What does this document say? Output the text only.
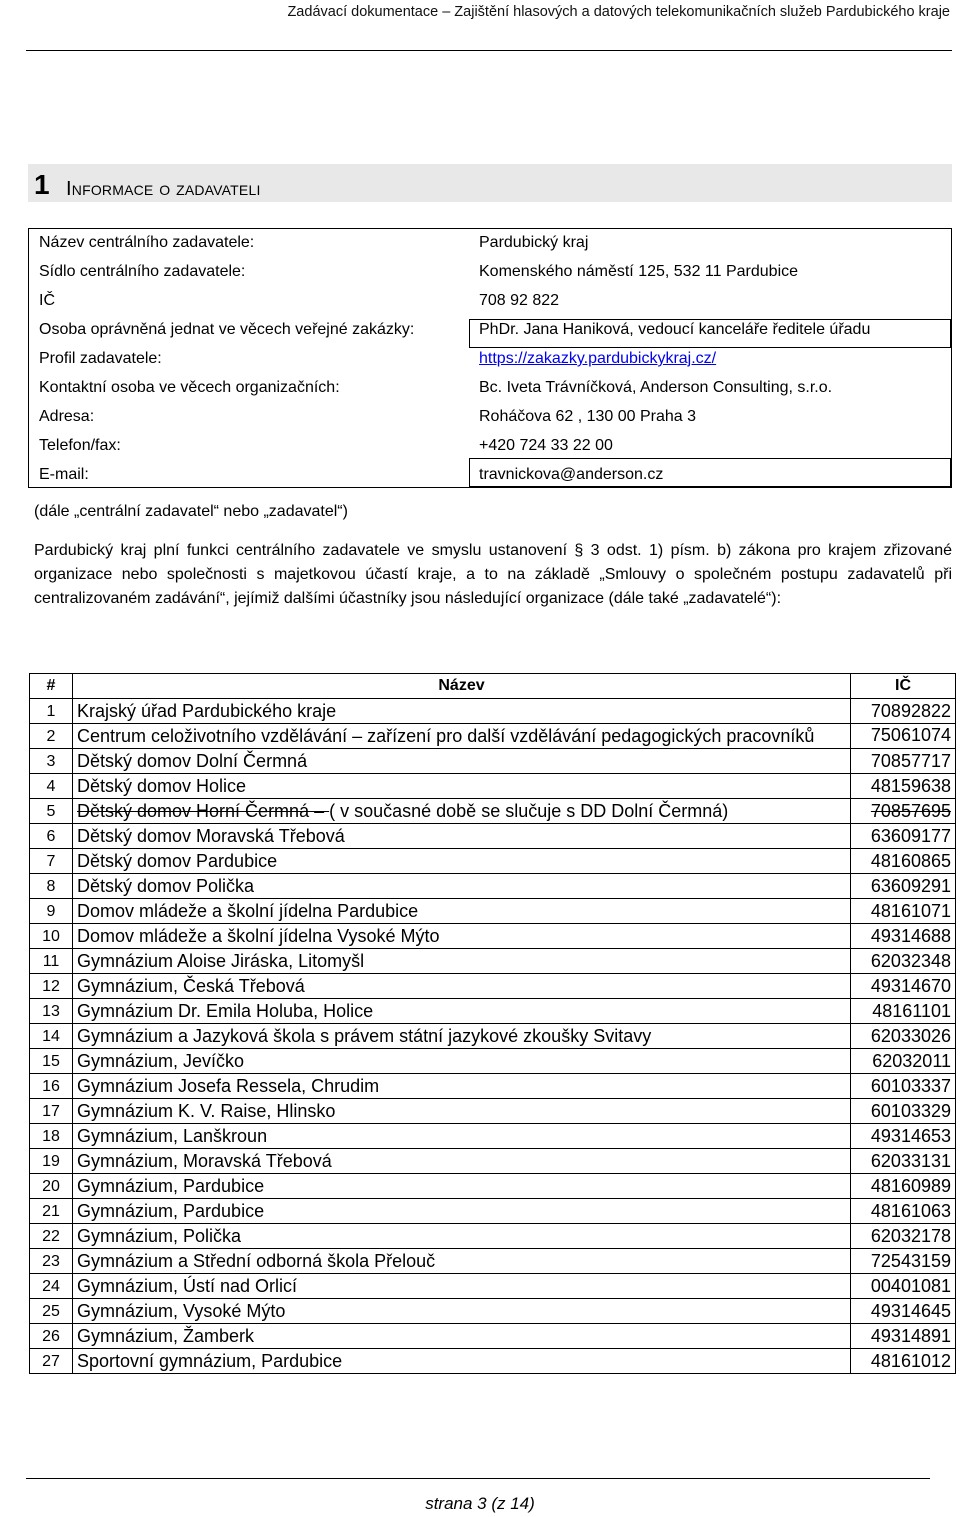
Zadávací dokumentace – Zajištění hlasových a datových telekomunikačních služeb Pardubického kraje
1 Informace o zadavateli
Název centrálního zadavatele:	Pardubický kraj
Sídlo centrálního zadavatele:	Komenského náměstí 125, 532 11 Pardubice
IČ	708 92 822
Osoba oprávněná jednat ve věcech veřejné zakázky:	PhDr. Jana Haniková, vedoucí kanceláře ředitele úřadu
Profil zadavatele:	https://zakazky.pardubickykraj.cz/
Kontaktní osoba ve věcech organizačních:	Bc. Iveta Trávníčková, Anderson Consulting, s.r.o.
Adresa:	Roháčova 62 , 130 00 Praha 3
Telefon/fax:	+420 724 33 22 00
E-mail:	travnickova@anderson.cz
(dále „centrální zadavatel“ nebo „zadavatel“)
Pardubický kraj plní funkci centrálního zadavatele ve smyslu ustanovení § 3 odst. 1) písm. b) zákona pro krajem zřizované organizace nebo společnosti s majetkovou účastí kraje, a to na základě „Smlouvy o společném postupu zadavatelů při centralizovaném zadávání“, jejímiž dalšími účastníky jsou následující organizace (dále také „zadavatelé“):
#	Název	IČ
1	Krajský úřad Pardubického kraje	70892822
2	Centrum celoživotního vzdělávání – zařízení pro další vzdělávání pedagogických pracovníků	75061074
3	Dětský domov Dolní Čermná	70857717
4	Dětský domov Holice	48159638
5	Dětský domov Horní Čermná – ( v současné době se slučuje s DD Dolní Čermná)	70857695
6	Dětský domov Moravská Třebová	63609177
7	Dětský domov Pardubice	48160865
8	Dětský domov Polička	63609291
9	Domov mládeže a školní jídelna Pardubice	48161071
10	Domov mládeže a školní jídelna Vysoké Mýto	49314688
11	Gymnázium Aloise Jiráska, Litomyšl	62032348
12	Gymnázium, Česká Třebová	49314670
13	Gymnázium Dr. Emila Holuba, Holice	48161101
14	Gymnázium a Jazyková škola s právem státní jazykové zkoušky Svitavy	62033026
15	Gymnázium, Jevíčko	62032011
16	Gymnázium Josefa Ressela, Chrudim	60103337
17	Gymnázium K. V. Raise, Hlinsko	60103329
18	Gymnázium, Lanškroun	49314653
19	Gymnázium, Moravská Třebová	62033131
20	Gymnázium, Pardubice	48160989
21	Gymnázium, Pardubice	48161063
22	Gymnázium, Polička	62032178
23	Gymnázium a Střední odborná škola Přelouč	72543159
24	Gymnázium, Ústí nad Orlicí	00401081
25	Gymnázium, Vysoké Mýto	49314645
26	Gymnázium, Žamberk	49314891
27	Sportovní gymnázium, Pardubice	48161012
strana 3 (z 14)
